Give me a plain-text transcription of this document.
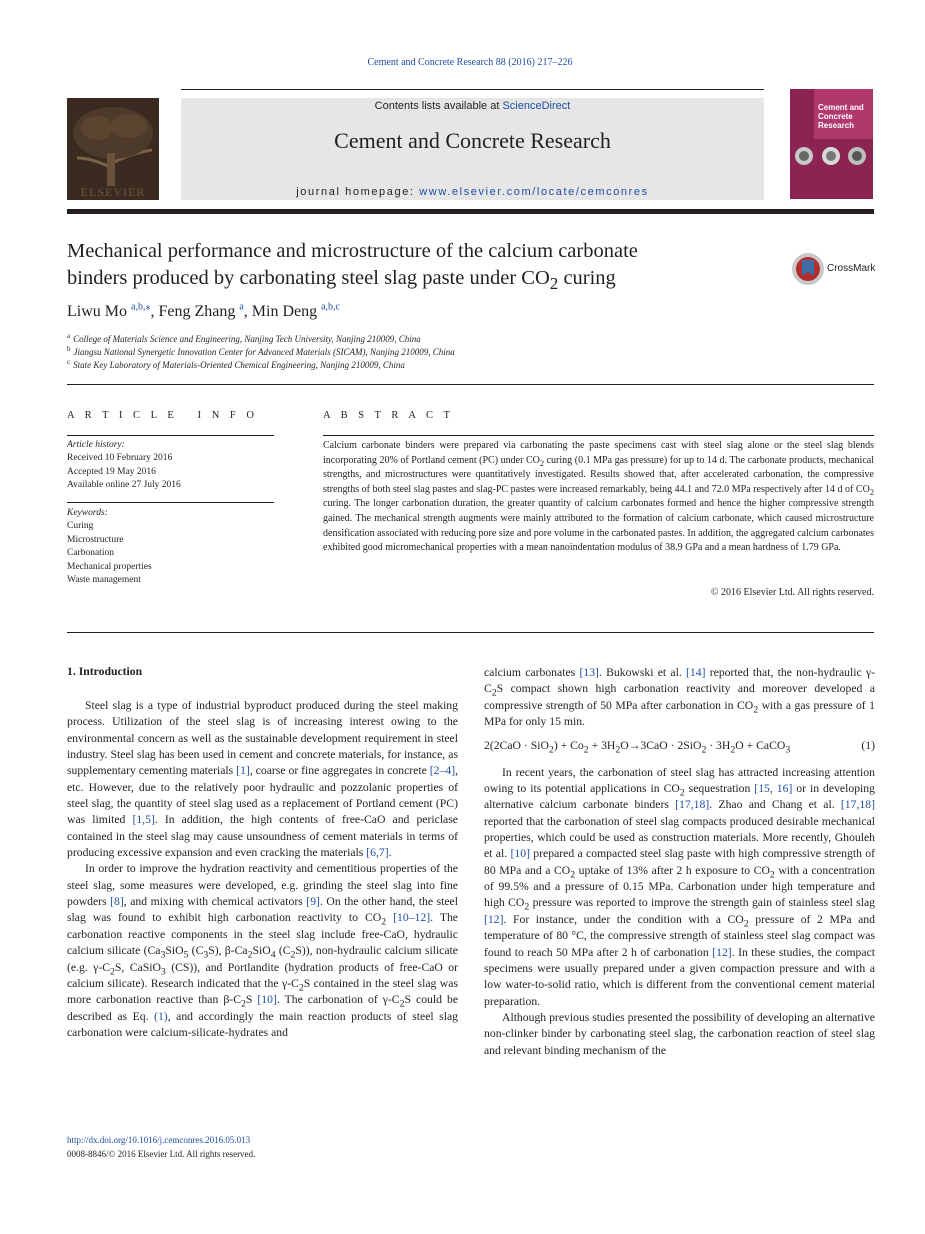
Cement and Concrete Research 88 (2016) 217–226
ELSEVIER
Contents lists available at ScienceDirect
Cement and Concrete Research
journal homepage: www.elsevier.com/locate/cemconres
Cement and
Concrete
Research
Mechanical performance and microstructure of the calcium carbonate
binders produced by carbonating steel slag paste under $CO_2$ curing	CrossMark
Liwu Mo $^{a,b,⁎}$, Feng Zhang $^a$, Min Deng $^{a,b,c}$
$^a$ College of Materials Science and Engineering, Nanjing Tech University, Nanjing 210009, China
$^b$ Jiangsu National Synergetic Innovation Center for Advanced Materials (SICAM), Nanjing 210009, China
$^c$ State Key Laboratory of Materials-Oriented Chemical Engineering, Nanjing 210009, China
A R T I C L E   I N F O
Article history:
Received 10 February 2016
Accepted 19 May 2016
Available online 27 July 2016
Keywords:
Curing
Microstructure
Carbonation
Mechanical properties
Waste management
A B S T R A C T
Calcium carbonate binders were prepared via carbonating the paste specimens cast with steel slag alone or the steel slag blends incorporating 20% of Portland cement (PC) under $CO_2$ curing (0.1 MPa gas pressure) for up to 14 d. The carbonate products, mechanical strengths, and microstructures were quantitatively investigated. Results showed that, after accelerated carbonation, the compressive strengths of both steel slag pastes and slag-PC pastes were increased remarkably, being 44.1 and 72.0 MPa respectively after 14 d of $CO_2$ curing. The longer carbonation duration, the greater quantity of calcium carbonates formed and hence the higher compressive strength gained. The mechanical strength augments were mainly attributed to the formation of calcium carbonate, which caused microstructure densification associated with reducing pore size and pore volume in the carbonated pastes. In addition, the aggregated calcium carbonates exhibited good micromechanical properties with a mean nanoindentation modulus of 38.9 GPa and a mean hardness of 1.79 GPa.
© 2016 Elsevier Ltd. All rights reserved.
1. Introduction

Steel slag is a type of industrial byproduct produced during the steel making process. Utilization of the steel slag is of increasing interest owing to the environmental concern as well as the sustainable development requirement in steel industry. Steel slag has been used in cement and concrete materials, for instance, as supplementary cementing materials [1], coarse or fine aggregates in concrete [2–4], etc. However, due to the relatively poor hydraulic and pozzolanic properties of steel slag, the quantity of steel slag used as a replacement of Portland cement (PC) was limited [1,5]. In addition, the high contents of free-CaO and periclase contained in the steel slag may cause unsoundness of cement materials in terms of producing excessive expansion and even cracking the materials [6,7].

In order to improve the hydration reactivity and cementitious properties of the steel slag, some measures were developed, e.g. grinding the steel slag into fine powders [8], and mixing with chemical activators [9]. On the other hand, the steel slag was found to exhibit high carbonation reactivity to $CO_2$ [10–12]. The carbonation reactive components in the steel slag include free-CaO, hydraulic calcium silicate ($Ca_3SiO_5$ $(C_3S)$, $\beta-Ca_2SiO_4$ $(C_2S)$), non-hydraulic calcium silicate (e.g. $\gamma-C_2S$, CaSiO$_3$ (CS)), and Portlandite (hydration products of free-CaO or calcium silicate). Research indicated that the $\gamma-C_2S$ contained in the steel slag was more carbonation reactive than $\beta-C_2S$ [10]. The carbonation of $\gamma-C_2S$ could be described as Eq. (1), and accordingly the main reaction products of steel slag carbonation were calcium-silicate-hydrates and

calcium carbonates [13]. Bukowski et al. [14] reported that, the non-hydraulic $\gamma-C_2S$ compact shown high carbonation reactivity and moreover developed a compressive strength of 50 MPa after carbonation in $CO_2$ with a gas pressure of 1 MPa for only 15 min.

$2(2CaO \cdot SiO_2) + Co_2 + 3H_2O\to 3CaO \cdot 2SiO_2 \cdot 3H_2O$ + CaCO$_3$	(1)

In recent years, the carbonation of steel slag has attracted increasing attention owing to its potential applications in $CO_2$ sequestration [15, 16] or in developing alternative calcium carbonate binders [17,18]. Zhao and Chang et al. [17,18] reported that the carbonation of steel slag compacts produced desirable mechanical properties, which could be used as construction materials. More recently, Ghouleh et al. [10] prepared a compacted steel slag paste with high compressive strength of 80 MPa and a $CO_2$ uptake of 13% after 2 h exposure to $CO_2$ with a concentration of 99.5% and a pressure of 0.15 MPa. Carbonation under high temperature and high $CO_2$ pressure was reported to improve the strength gain of stainless steel slag [12]. For instance, under the condition with a $CO_2$ pressure of 2 MPa and temperature of 80 °C, the compressive strength of stainless steel slag compact was found to reach 50 MPa after 2 h of carbonation [12]. In these studies, the compact specimens were usually prepared under a given compaction pressure and with a low water-to-solid ratio, which is different from the conventional cement material preparation.

Although previous studies presented the possibility of developing an alternative non-clinker binder by carbonating steel slag, the carbonation reaction of steel slag and relevant binding mechanism of the

http://dx.doi.org/10.1016/j.cemconres.2016.05.013
0008-8846/© 2016 Elsevier Ltd. All rights reserved.
